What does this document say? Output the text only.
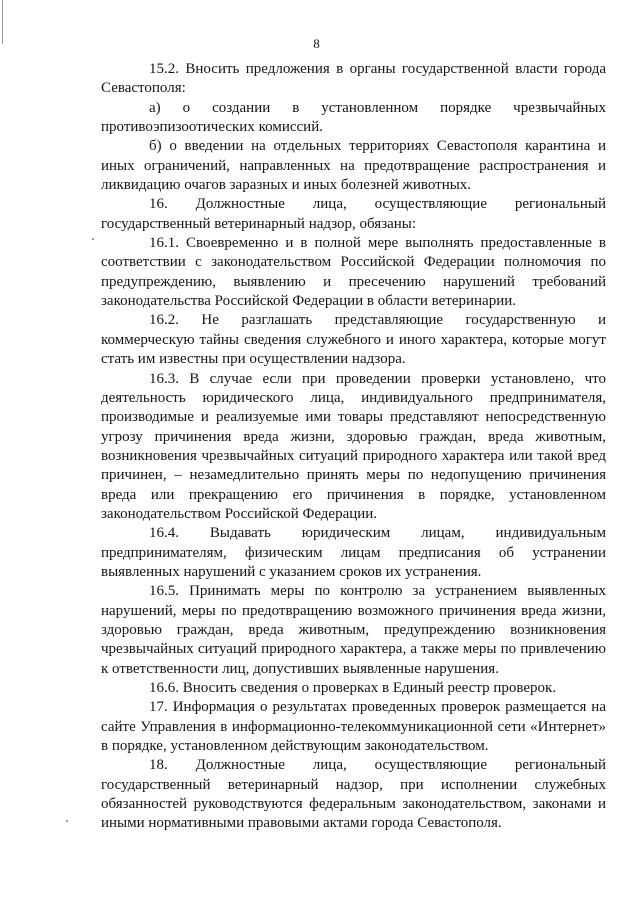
8

15.2. Вносить предложения в органы государственной власти города Севастополя:

а) о создании в установленном порядке чрезвычайных противоэпизоотических комиссий.

б) о введении на отдельных территориях Севастополя карантина и иных ограничений, направленных на предотвращение распространения и ликвидацию очагов заразных и иных болезней животных.

16. Должностные лица, осуществляющие региональный государственный ветеринарный надзор, обязаны:

16.1. Своевременно и в полной мере выполнять предоставленные в соответствии с законодательством Российской Федерации полномочия по предупреждению, выявлению и пресечению нарушений требований законодательства Российской Федерации в области ветеринарии.

16.2. Не разглашать представляющие государственную и коммерческую тайны сведения служебного и иного характера, которые могут стать им известны при осуществлении надзора.

16.3. В случае если при проведении проверки установлено, что деятельность юридического лица, индивидуального предпринимателя, производимые и реализуемые ими товары представляют непосредственную угрозу причинения вреда жизни, здоровью граждан, вреда животным, возникновения чрезвычайных ситуаций природного характера или такой вред причинен, – незамедлительно принять меры по недопущению причинения вреда или прекращению его причинения в порядке, установленном законодательством Российской Федерации.

16.4. Выдавать юридическим лицам, индивидуальным предпринимателям, физическим лицам предписания об устранении выявленных нарушений с указанием сроков их устранения.

16.5. Принимать меры по контролю за устранением выявленных нарушений, меры по предотвращению возможного причинения вреда жизни, здоровью граждан, вреда животным, предупреждению возникновения чрезвычайных ситуаций природного характера, а также меры по привлечению к ответственности лиц, допустивших выявленные нарушения.

16.6. Вносить сведения о проверках в Единый реестр проверок.

17. Информация о результатах проведенных проверок размещается на сайте Управления в информационно-телекоммуникационной сети «Интернет» в порядке, установленном действующим законодательством.

18. Должностные лица, осуществляющие региональный государственный ветеринарный надзор, при исполнении служебных обязанностей руководствуются федеральным законодательством, законами и иными нормативными правовыми актами города Севастополя.
